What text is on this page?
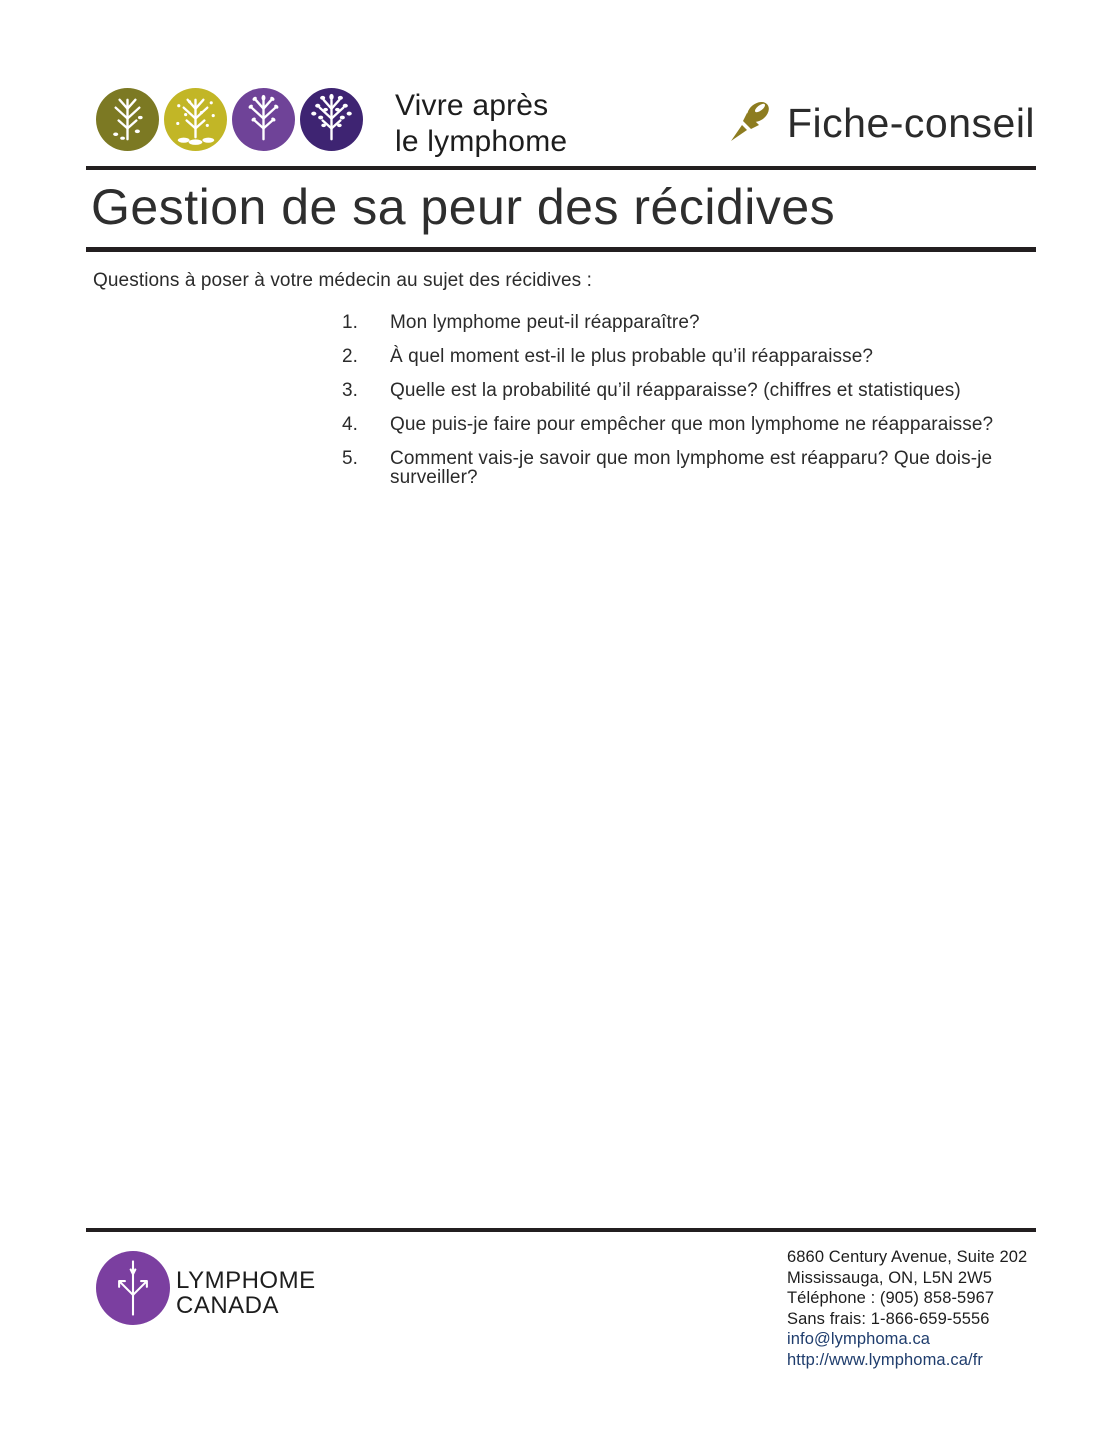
Vivre après
le lymphome	Fiche-conseil
Gestion de sa peur des récidives

Questions à poser à votre médecin au sujet des récidives :

1.	Mon lymphome peut-il réapparaître?
2.	À quel moment est-il le plus probable qu’il réapparaisse?
3.	Quelle est la probabilité qu’il réapparaisse? (chiffres et statistiques)
4.	Que puis-je faire pour empêcher que mon lymphome ne réapparaisse?
5.	Comment vais-je savoir que mon lymphome est réapparu? Que dois-je surveiller?
LYMPHOME
CANADA
6860 Century Avenue, Suite 202
Mississauga, ON, L5N 2W5
Téléphone : (905) 858-5967
Sans frais: 1-866-659-5556
info@lymphoma.ca
http://www.lymphoma.ca/fr
